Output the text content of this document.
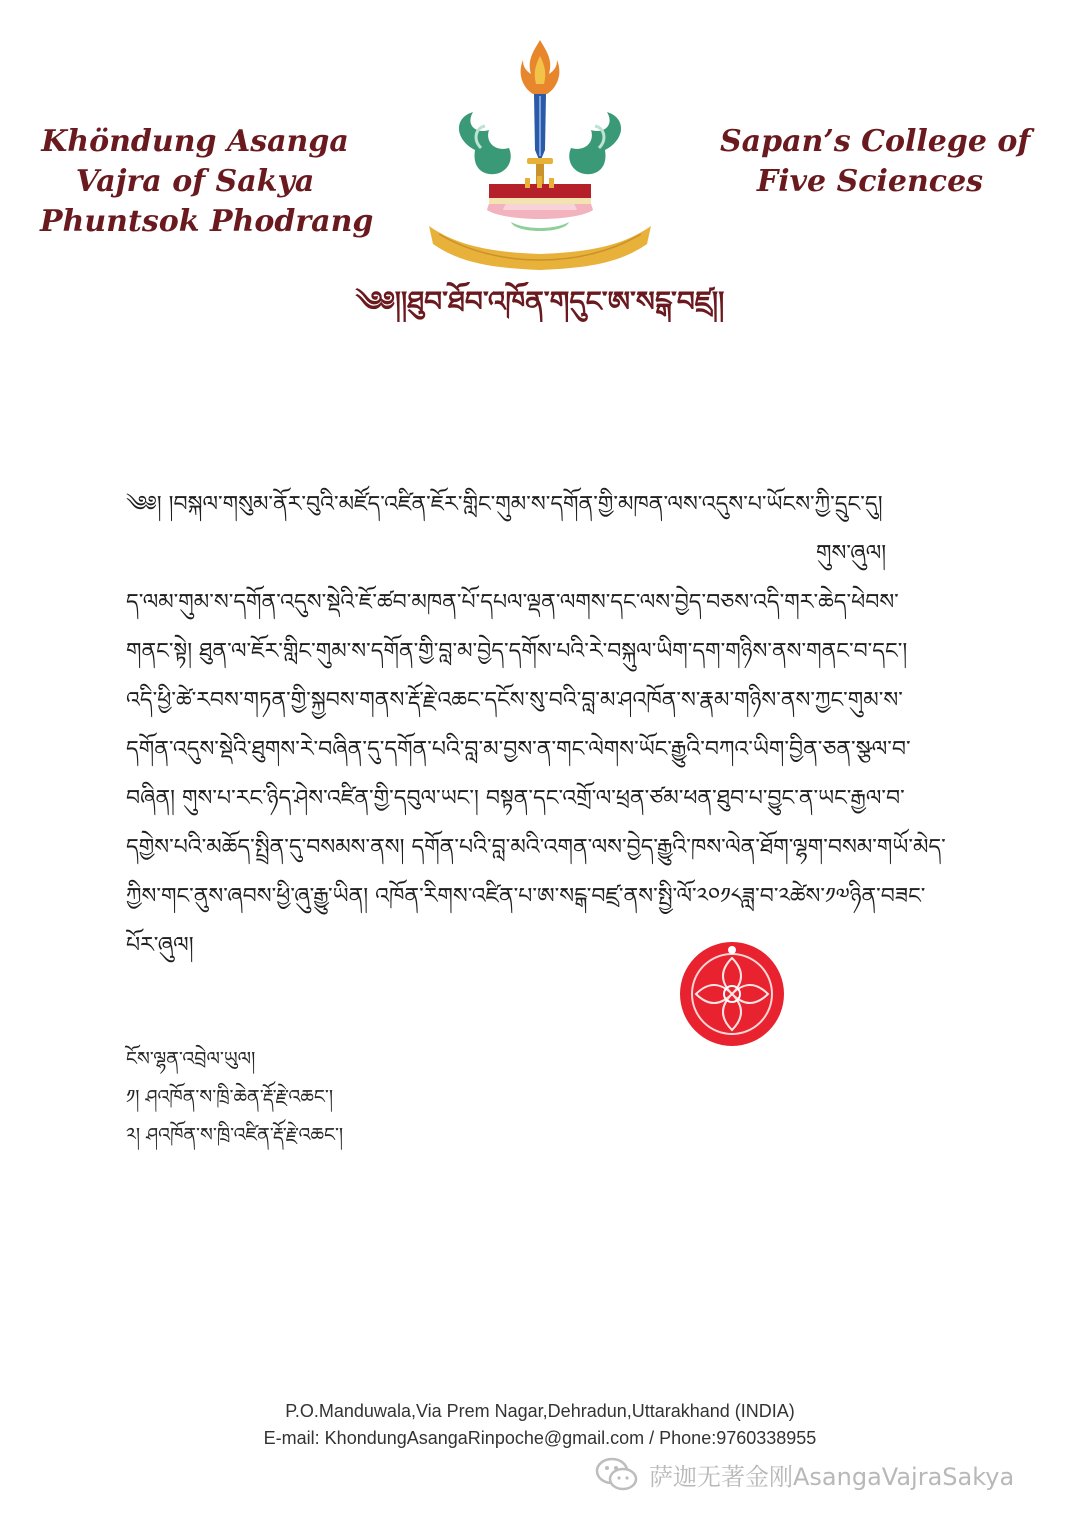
Khöndung Asanga
Vajra of Sakya
Phuntsok Phodrang
Sapan’s College of
Five Sciences
༄༅།།ཐུབ་ཐོབ་འཁོན་གདུང་ཨ་སངྒ་བཛྲ།།
༄༅། །བསྐལ་གསུམ་ནོར་བུའི་མཛོད་འཛིན་ཇོར་གླིང་གུམ་ས་དགོན་གྱི་མཁན་ལས་འདུས་པ་ཡོངས་ཀྱི་དྲུང་དུ།
གུས་ཞུལ།
ད་ལམ་གུམ་ས་དགོན་འདུས་སྡེའི་ཇོ་ཚབ་མཁན་པོ་དཔལ་ལྡན་ལགས་དང་ལས་བྱེད་བཅས་འདི་གར་ཆེད་ཕེབས་
གནང་སྟེ། ཐུན་ལ་ཇོར་གླིང་གུམ་ས་དགོན་གྱི་བླ་མ་བྱེད་དགོས་པའི་རེ་བསྐུལ་ཡིག་དག་གཉིས་ནས་གནང་བ་དང་།
འདི་ཕྱི་ཚེ་རབས་གཏན་གྱི་སྐྱབས་གནས་རྡོ་རྗེ་འཆང་དངོས་སུ་བའི་བླ་མ་ཤའཁོན་ས་རྣམ་གཉིས་ནས་ཀྱང་གུམ་ས་
དགོན་འདུས་སྡེའི་ཐུགས་རེ་བཞིན་དུ་དགོན་པའི་བླ་མ་བྱས་ན་གང་ལེགས་ཡོང་རྒྱུའི་བཀའ་ཡིག་བྱིན་ཅན་སྩལ་བ་
བཞིན། གུས་པ་རང་ཉིད་ཤེས་འཛིན་གྱི་དབུལ་ཡང་། བསྟན་དང་འགྲོ་ལ་ཕྲན་ཙམ་ཕན་ཐུབ་པ་བྱུང་ན་ཡང་རྒྱལ་བ་
དགྱེས་པའི་མཆོད་སྤྲིན་དུ་བསམས་ནས། དགོན་པའི་བླ་མའི་འགན་ལས་བྱེད་རྒྱུའི་ཁས་ལེན་ཐོག་ལྷག་བསམ་གཡོ་མེད་
ཀྱིས་གང་ནུས་ཞབས་ཕྱི་ཞུ་རྒྱུ་ཡིན། འཁོན་རིགས་འཛིན་པ་ཨ་སངྒ་བཛྲ་ནས་སྤྱི་ལོ་༢༠༡༨ཟླ་བ་༢ཚེས་༡༧ཉིན་བཟང་
པོར་ཞུལ།
ངོས་ལྷན་འབྲེལ་ཡུལ།
༡། ཤའཁོན་ས་ཁྲི་ཆེན་རྡོ་རྗེ་འཆང་།
༢། ཤའཁོན་ས་ཁྲི་འཛིན་རྡོ་རྗེ་འཆང་།
P.O.Manduwala,Via Prem Nagar,Dehradun,Uttarakhand (INDIA)
E-mail: KhondungAsangaRinpoche@gmail.com / Phone:9760338955
萨迦无著金刚AsangaVajraSakya
